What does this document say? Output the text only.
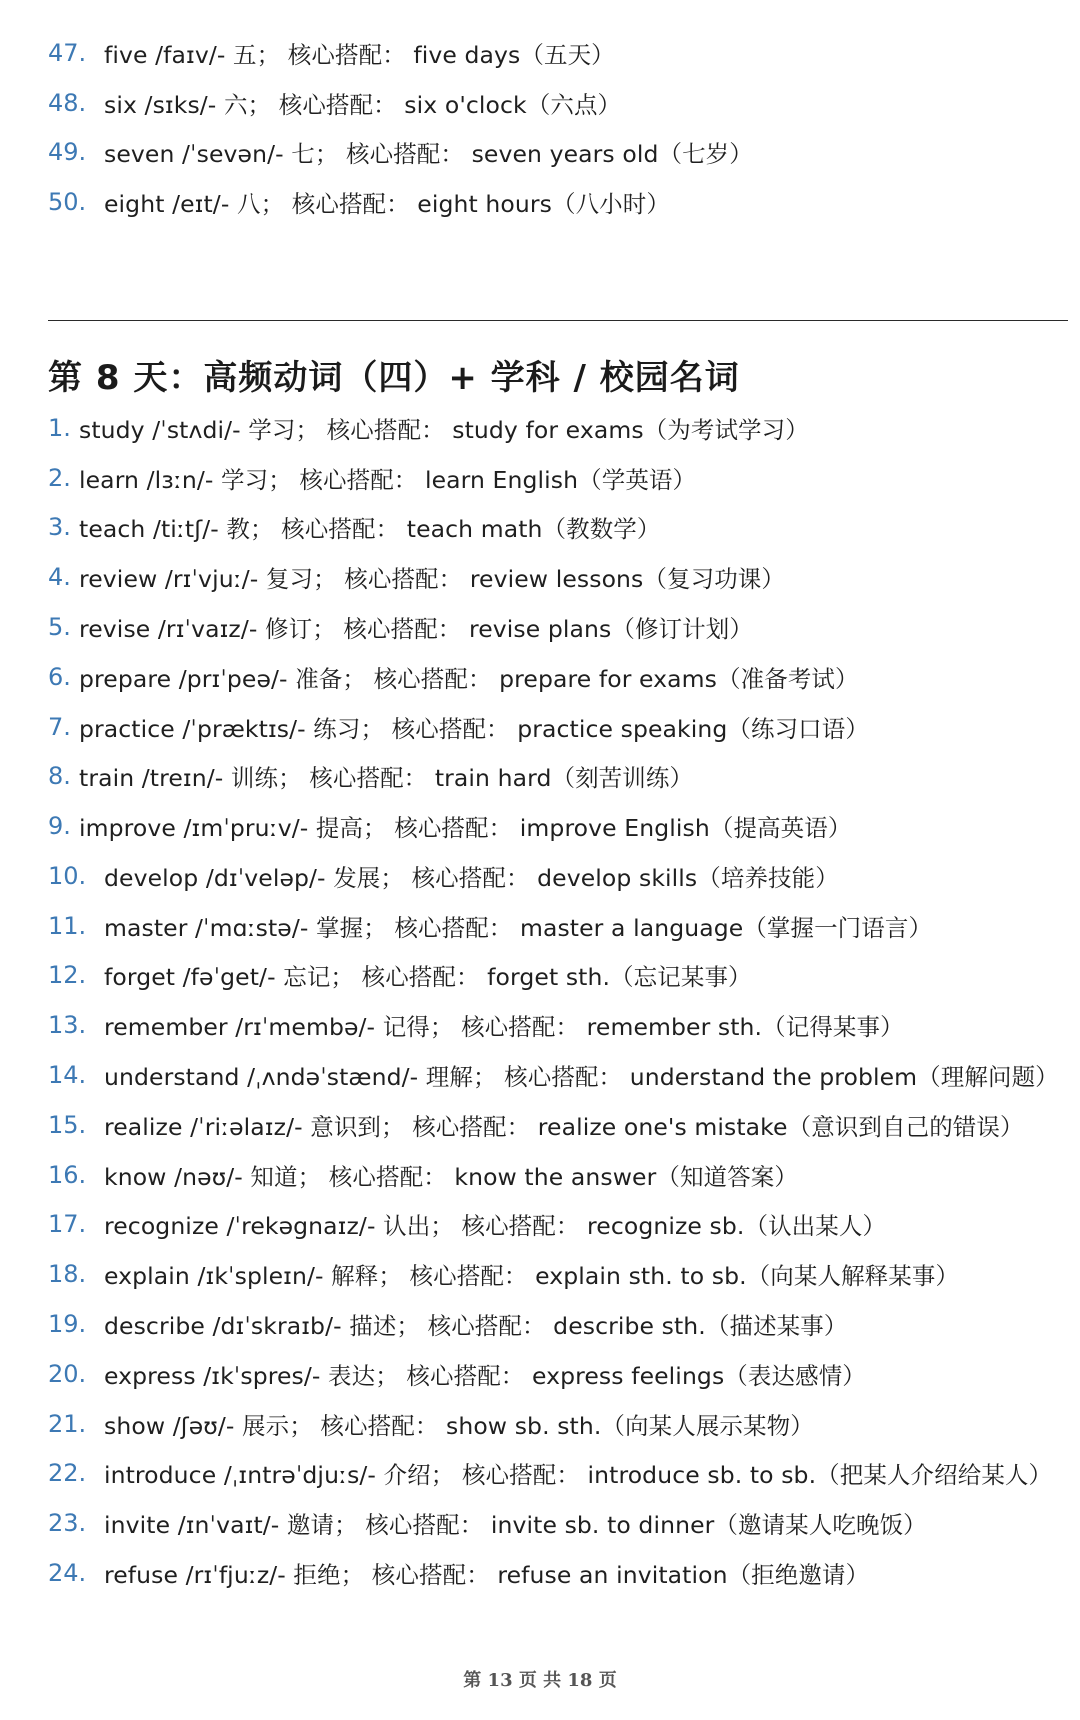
47. five /faɪv/- 五； 核心搭配： five days（五天）
48. six /sɪks/- 六； 核心搭配： six o'clock（六点）
49. seven /ˈsevən/- 七； 核心搭配： seven years old（七岁）
50. eight /eɪt/- 八； 核心搭配： eight hours（八小时）
第 8 天：高频动词（四）+ 学科 / 校园名词
1. study /ˈstʌdi/- 学习； 核心搭配： study for exams（为考试学习）
2. learn /lɜːn/- 学习； 核心搭配： learn English（学英语）
3. teach /tiːtʃ/- 教； 核心搭配： teach math（教数学）
4. review /rɪˈvjuː/- 复习； 核心搭配： review lessons（复习功课）
5. revise /rɪˈvaɪz/- 修订； 核心搭配： revise plans（修订计划）
6. prepare /prɪˈpeə/- 准备； 核心搭配： prepare for exams（准备考试）
7. practice /ˈpræktɪs/- 练习； 核心搭配： practice speaking（练习口语）
8. train /treɪn/- 训练； 核心搭配： train hard（刻苦训练）
9. improve /ɪmˈpruːv/- 提高； 核心搭配： improve English（提高英语）
10. develop /dɪˈveləp/- 发展； 核心搭配： develop skills（培养技能）
11. master /ˈmɑːstə/- 掌握； 核心搭配： master a language（掌握一门语言）
12. forget /fəˈget/- 忘记； 核心搭配： forget sth.（忘记某事）
13. remember /rɪˈmembə/- 记得； 核心搭配： remember sth.（记得某事）
14. understand /ˌʌndəˈstænd/- 理解； 核心搭配： understand the problem（理解问题）
15. realize /ˈriːəlaɪz/- 意识到； 核心搭配： realize one's mistake（意识到自己的错误）
16. know /nəʊ/- 知道； 核心搭配： know the answer（知道答案）
17. recognize /ˈrekəgnaɪz/- 认出； 核心搭配： recognize sb.（认出某人）
18. explain /ɪkˈspleɪn/- 解释； 核心搭配： explain sth. to sb.（向某人解释某事）
19. describe /dɪˈskraɪb/- 描述； 核心搭配： describe sth.（描述某事）
20. express /ɪkˈspres/- 表达； 核心搭配： express feelings（表达感情）
21. show /ʃəʊ/- 展示； 核心搭配： show sb. sth.（向某人展示某物）
22. introduce /ˌɪntrəˈdjuːs/- 介绍； 核心搭配： introduce sb. to sb.（把某人介绍给某人）
23. invite /ɪnˈvaɪt/- 邀请； 核心搭配： invite sb. to dinner（邀请某人吃晚饭）
24. refuse /rɪˈfjuːz/- 拒绝； 核心搭配： refuse an invitation（拒绝邀请）
第 13 页 共 18 页
